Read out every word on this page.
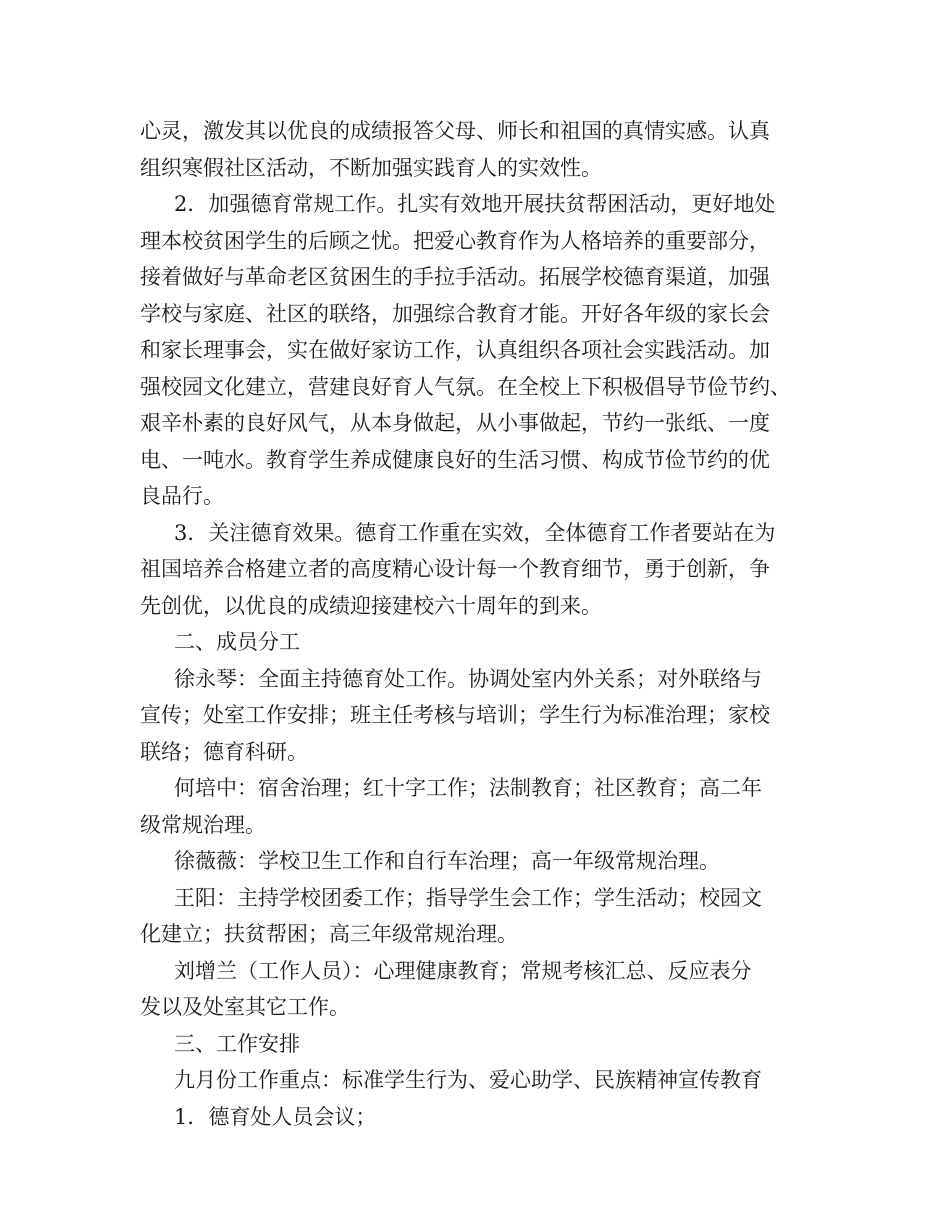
心灵，激发其以优良的成绩报答父母、师长和祖国的真情实感。认真
组织寒假社区活动，不断加强实践育人的实效性。
2．加强德育常规工作。扎实有效地开展扶贫帮困活动，更好地处
理本校贫困学生的后顾之忧。把爱心教育作为人格培养的重要部分，
接着做好与革命老区贫困生的手拉手活动。拓展学校德育渠道，加强
学校与家庭、社区的联络，加强综合教育才能。开好各年级的家长会
和家长理事会，实在做好家访工作，认真组织各项社会实践活动。加
强校园文化建立，营建良好育人气氛。在全校上下积极倡导节俭节约、
艰辛朴素的良好风气，从本身做起，从小事做起，节约一张纸、一度
电、一吨水。教育学生养成健康良好的生活习惯、构成节俭节约的优
良品行。
3．关注德育效果。德育工作重在实效，全体德育工作者要站在为
祖国培养合格建立者的高度精心设计每一个教育细节，勇于创新，争
先创优，以优良的成绩迎接建校六十周年的到来。
二、成员分工
徐永琴：全面主持德育处工作。协调处室内外关系；对外联络与
宣传；处室工作安排；班主任考核与培训；学生行为标准治理；家校
联络；德育科研。
何培中：宿舍治理；红十字工作；法制教育；社区教育；高二年
级常规治理。
徐薇薇：学校卫生工作和自行车治理；高一年级常规治理。
王阳：主持学校团委工作；指导学生会工作；学生活动；校园文
化建立；扶贫帮困；高三年级常规治理。
刘增兰（工作人员）：心理健康教育；常规考核汇总、反应表分
发以及处室其它工作。
三、工作安排
九月份工作重点：标准学生行为、爱心助学、民族精神宣传教育
1．德育处人员会议；
